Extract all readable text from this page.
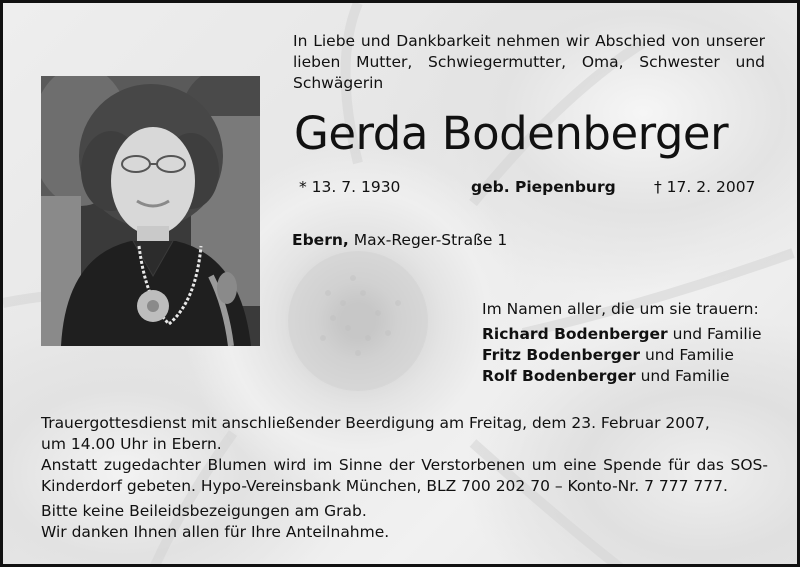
In Liebe und Dankbarkeit nehmen wir Abschied von unserer lieben Mutter, Schwiegermutter, Oma, Schwester und Schwägerin
Gerda Bodenberger
* 13. 7. 1930	geb. Piepenburg † 17. 2. 2007
Ebern, Max-Reger-Straße 1
Im Namen aller, die um sie trauern:
Richard Bodenberger und Familie
Fritz Bodenberger und Familie
Rolf Bodenberger und Familie
Trauergottesdienst mit anschließender Beerdigung am Freitag, dem 23. Februar 2007,
um 14.00 Uhr in Ebern.
Anstatt zugedachter Blumen wird im Sinne der Verstorbenen um eine Spende für das SOS-Kinderdorf gebeten. Hypo-Vereinsbank München, BLZ 700 202 70 – Konto-Nr. 7 777 777.
Bitte keine Beileidsbezeigungen am Grab.
Wir danken Ihnen allen für Ihre Anteilnahme.
